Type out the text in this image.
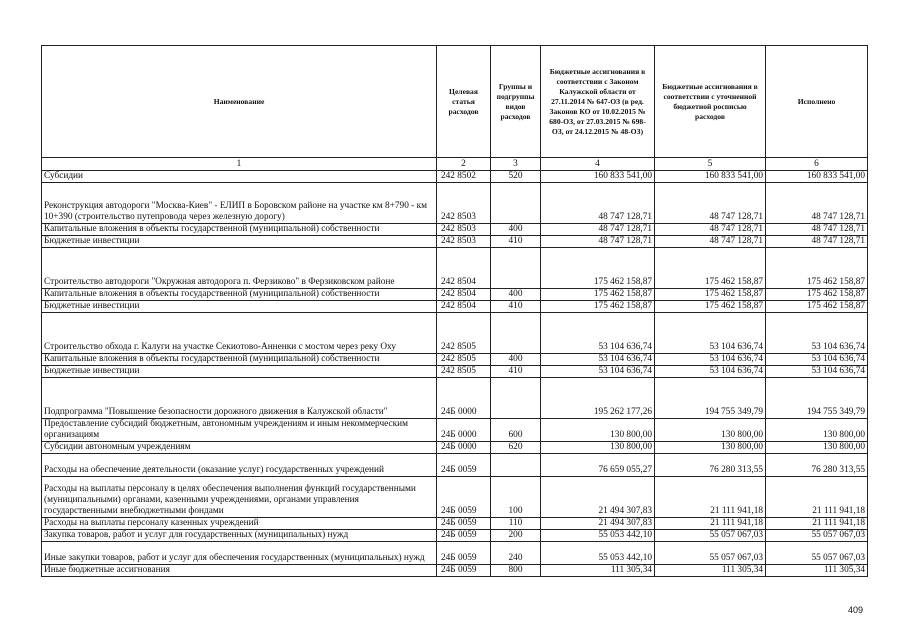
Наименование	Целевая статья расходов	Группы и подгруппы видов расходов	Бюджетные ассигнования в соответствии с Законом Калужской области от 27.11.2014 № 647-ОЗ (в ред. Законов КО от 10.02.2015 № 680-ОЗ, от 27.03.2015 № 698-ОЗ, от 24.12.2015 № 48-ОЗ)	Бюджетные ассигнования в соответствии с уточненной бюджетной росписью расходов	Исполнено
1	2	3	4	5	6
Субсидии	242 8502	520	160 833 541,00	160 833 541,00	160 833 541,00
Реконструкция автодороги "Москва-Киев" - ЕЛИП в Боровском районе на участке км 8+790 - км 10+390 (строительство путепровода через железную дорогу)	242 8503		48 747 128,71	48 747 128,71	48 747 128,71
Капитальные вложения в объекты государственной (муниципальной) собственности	242 8503	400	48 747 128,71	48 747 128,71	48 747 128,71
Бюджетные инвестиции	242 8503	410	48 747 128,71	48 747 128,71	48 747 128,71
Строительство автодороги "Окружная автодорога п. Ферзиково" в Ферзиковском районе	242 8504		175 462 158,87	175 462 158,87	175 462 158,87
Капитальные вложения в объекты государственной (муниципальной) собственности	242 8504	400	175 462 158,87	175 462 158,87	175 462 158,87
Бюджетные инвестиции	242 8504	410	175 462 158,87	175 462 158,87	175 462 158,87
Строительство обхода г. Калуги на участке Секиотово-Анненки с мостом через реку Оху	242 8505		53 104 636,74	53 104 636,74	53 104 636,74
Капитальные вложения в объекты государственной (муниципальной) собственности	242 8505	400	53 104 636,74	53 104 636,74	53 104 636,74
Бюджетные инвестиции	242 8505	410	53 104 636,74	53 104 636,74	53 104 636,74
Подпрограмма "Повышение безопасности дорожного движения в Калужской области"	24Б 0000		195 262 177,26	194 755 349,79	194 755 349,79
Предоставление субсидий бюджетным, автономным учреждениям и иным некоммерческим организациям	24Б 0000	600	130 800,00	130 800,00	130 800,00
Субсидии автономным учреждениям	24Б 0000	620	130 800,00	130 800,00	130 800,00
Расходы на обеспечение деятельности (оказание услуг) государственных учреждений	24Б 0059		76 659 055,27	76 280 313,55	76 280 313,55
Расходы на выплаты персоналу в целях обеспечения выполнения функций государственными (муниципальными) органами, казенными учреждениями, органами управления государственными внебюджетными фондами	24Б 0059	100	21 494 307,83	21 111 941,18	21 111 941,18
Расходы на выплаты персоналу казенных учреждений	24Б 0059	110	21 494 307,83	21 111 941,18	21 111 941,18
Закупка товаров, работ и услуг для государственных (муниципальных) нужд	24Б 0059	200	55 053 442,10	55 057 067,03	55 057 067,03
Иные закупки товаров, работ и услуг для обеспечения государственных (муниципальных) нужд	24Б 0059	240	55 053 442,10	55 057 067,03	55 057 067,03
Иные бюджетные ассигнования	24Б 0059	800	111 305,34	111 305,34	111 305,34
409
